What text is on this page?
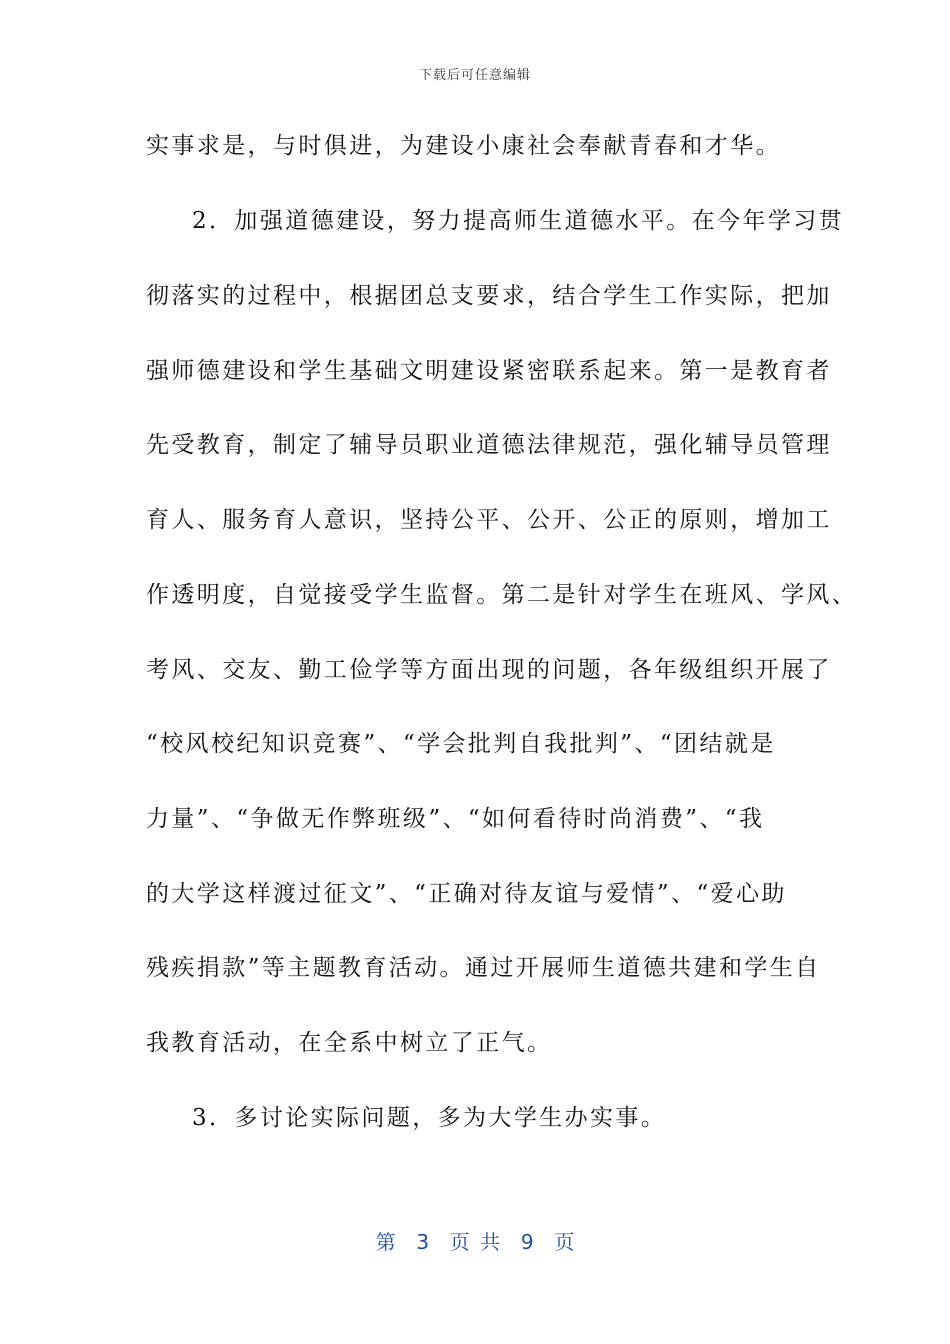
下载后可任意编辑
实事求是，与时俱进，为建设小康社会奉献青春和才华。
2．加强道德建设，努力提高师生道德水平。在今年学习贯
彻落实的过程中，根据团总支要求，结合学生工作实际，把加
强师德建设和学生基础文明建设紧密联系起来。第一是教育者
先受教育，制定了辅导员职业道德法律规范，强化辅导员管理
育人、服务育人意识，坚持公平、公开、公正的原则，增加工
作透明度，自觉接受学生监督。第二是针对学生在班风、学风、
考风、交友、勤工俭学等方面出现的问题，各年级组织开展了
“校风校纪知识竞赛”、“学会批判自我批判”、“团结就是
力量”、“争做无作弊班级”、“如何看待时尚消费”、“我
的大学这样渡过征文”、“正确对待友谊与爱情”、“爱心助
残疾捐款”等主题教育活动。通过开展师生道德共建和学生自
我教育活动，在全系中树立了正气。
3．多讨论实际问题，多为大学生办实事。
第  3  页 共  9  页
